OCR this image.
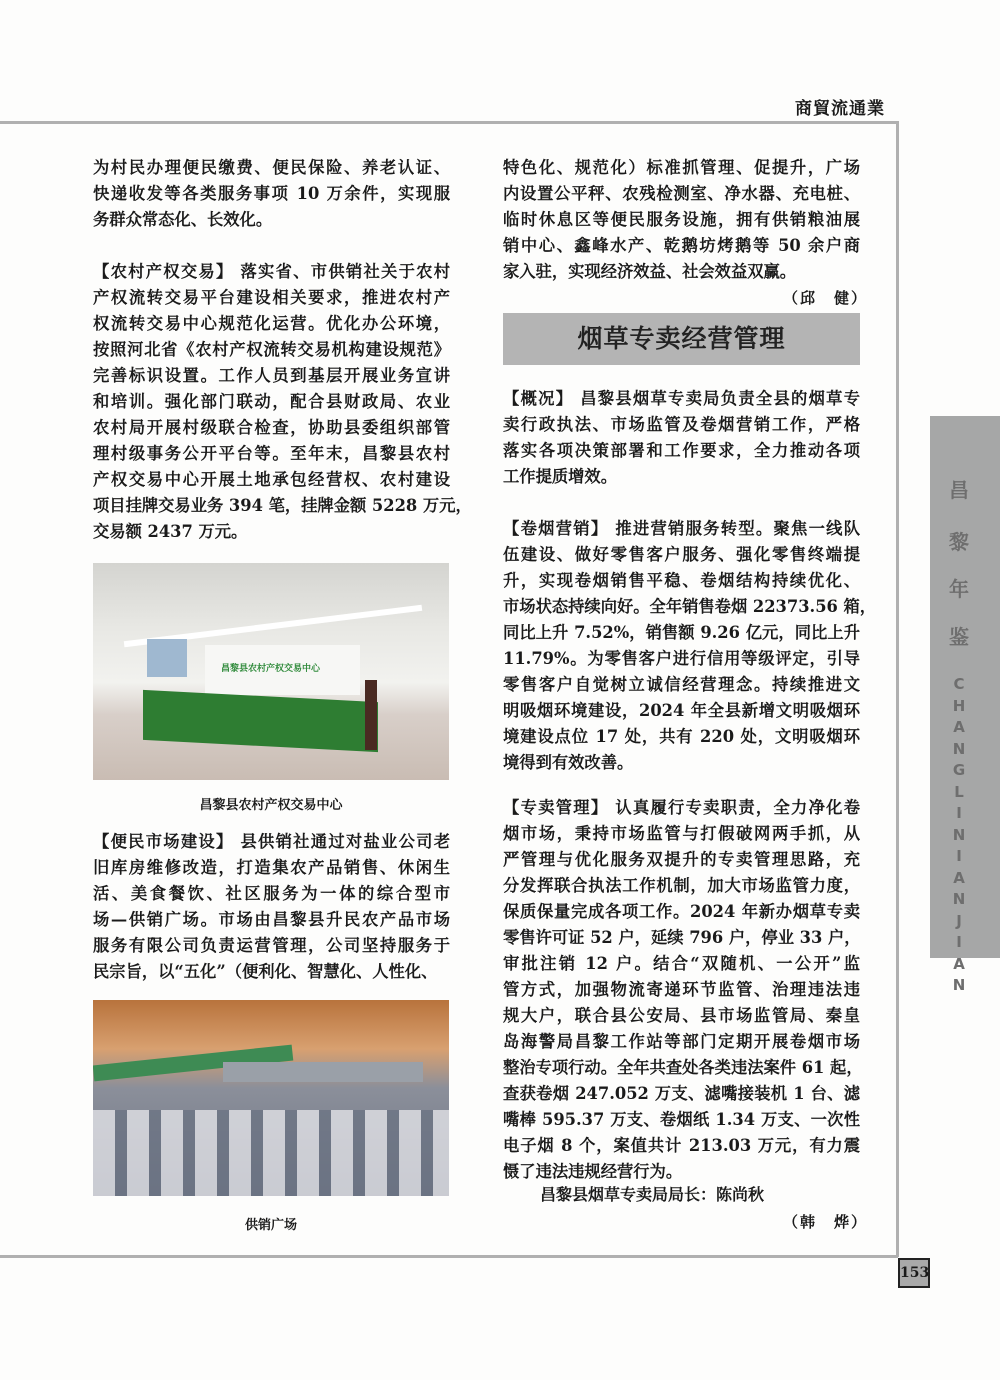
商貿流通業
153
昌
黎
年
鉴
C
H
A
N
G
L
I
N
I
A
N
J
I
A
N
为村民办理便民缴费、便民保险、养老认证、
快递收发等各类服务事项 10 万余件，实现服
务群众常态化、长效化。
【农村产权交易】 落实省、市供销社关于农村
产权流转交易平台建设相关要求，推进农村产
权流转交易中心规范化运营。优化办公环境，
按照河北省《农村产权流转交易机构建设规范》
完善标识设置。工作人员到基层开展业务宣讲
和培训。强化部门联动，配合县财政局、农业
农村局开展村级联合检查，协助县委组织部管
理村级事务公开平台等。至年末，昌黎县农村
产权交易中心开展土地承包经营权、农村建设
项目挂牌交易业务 394 笔，挂牌金额 5228 万元，
交易额 2437 万元。
昌黎县农村产权交易中心
昌黎县农村产权交易中心
【便民市场建设】 县供销社通过对盐业公司老
旧库房维修改造，打造集农产品销售、休闲生
活、美食餐饮、社区服务为一体的综合型市
场—供销广场。市场由昌黎县升民农产品市场
服务有限公司负责运营管理，公司坚持服务于
民宗旨，以“五化”（便利化、智慧化、人性化、
供销广场
特色化、规范化）标准抓管理、促提升，广场
内设置公平秤、农残检测室、净水器、充电桩、
临时休息区等便民服务设施，拥有供销粮油展
销中心、鑫峰水产、乾鹅坊烤鹅等 50 余户商
家入驻，实现经济效益、社会效益双赢。
（邱　健）
烟草专卖经营管理
【概况】 昌黎县烟草专卖局负责全县的烟草专
卖行政执法、市场监管及卷烟营销工作，严格
落实各项决策部署和工作要求，全力推动各项
工作提质增效。
【卷烟营销】 推进营销服务转型。聚焦一线队
伍建设、做好零售客户服务、强化零售终端提
升，实现卷烟销售平稳、卷烟结构持续优化、
市场状态持续向好。全年销售卷烟 22373.56 箱，
同比上升 7.52%，销售额 9.26 亿元，同比上升
11.79%。为零售客户进行信用等级评定，引导
零售客户自觉树立诚信经营理念。持续推进文
明吸烟环境建设，2024 年全县新增文明吸烟环
境建设点位 17 处，共有 220 处，文明吸烟环
境得到有效改善。
【专卖管理】 认真履行专卖职责，全力净化卷
烟市场，秉持市场监管与打假破网两手抓，从
严管理与优化服务双提升的专卖管理思路，充
分发挥联合执法工作机制，加大市场监管力度，
保质保量完成各项工作。2024 年新办烟草专卖
零售许可证 52 户，延续 796 户，停业 33 户，
审批注销 12 户。结合“双随机、一公开”监
管方式，加强物流寄递环节监管、治理违法违
规大户，联合县公安局、县市场监管局、秦皇
岛海警局昌黎工作站等部门定期开展卷烟市场
整治专项行动。全年共查处各类违法案件 61 起，
查获卷烟 247.052 万支、滤嘴接装机 1 台、滤
嘴棒 595.37 万支、卷烟纸 1.34 万支、一次性
电子烟 8 个，案值共计 213.03 万元，有力震
慑了违法违规经营行为。
昌黎县烟草专卖局局长：陈尚秋
（韩　烨）
